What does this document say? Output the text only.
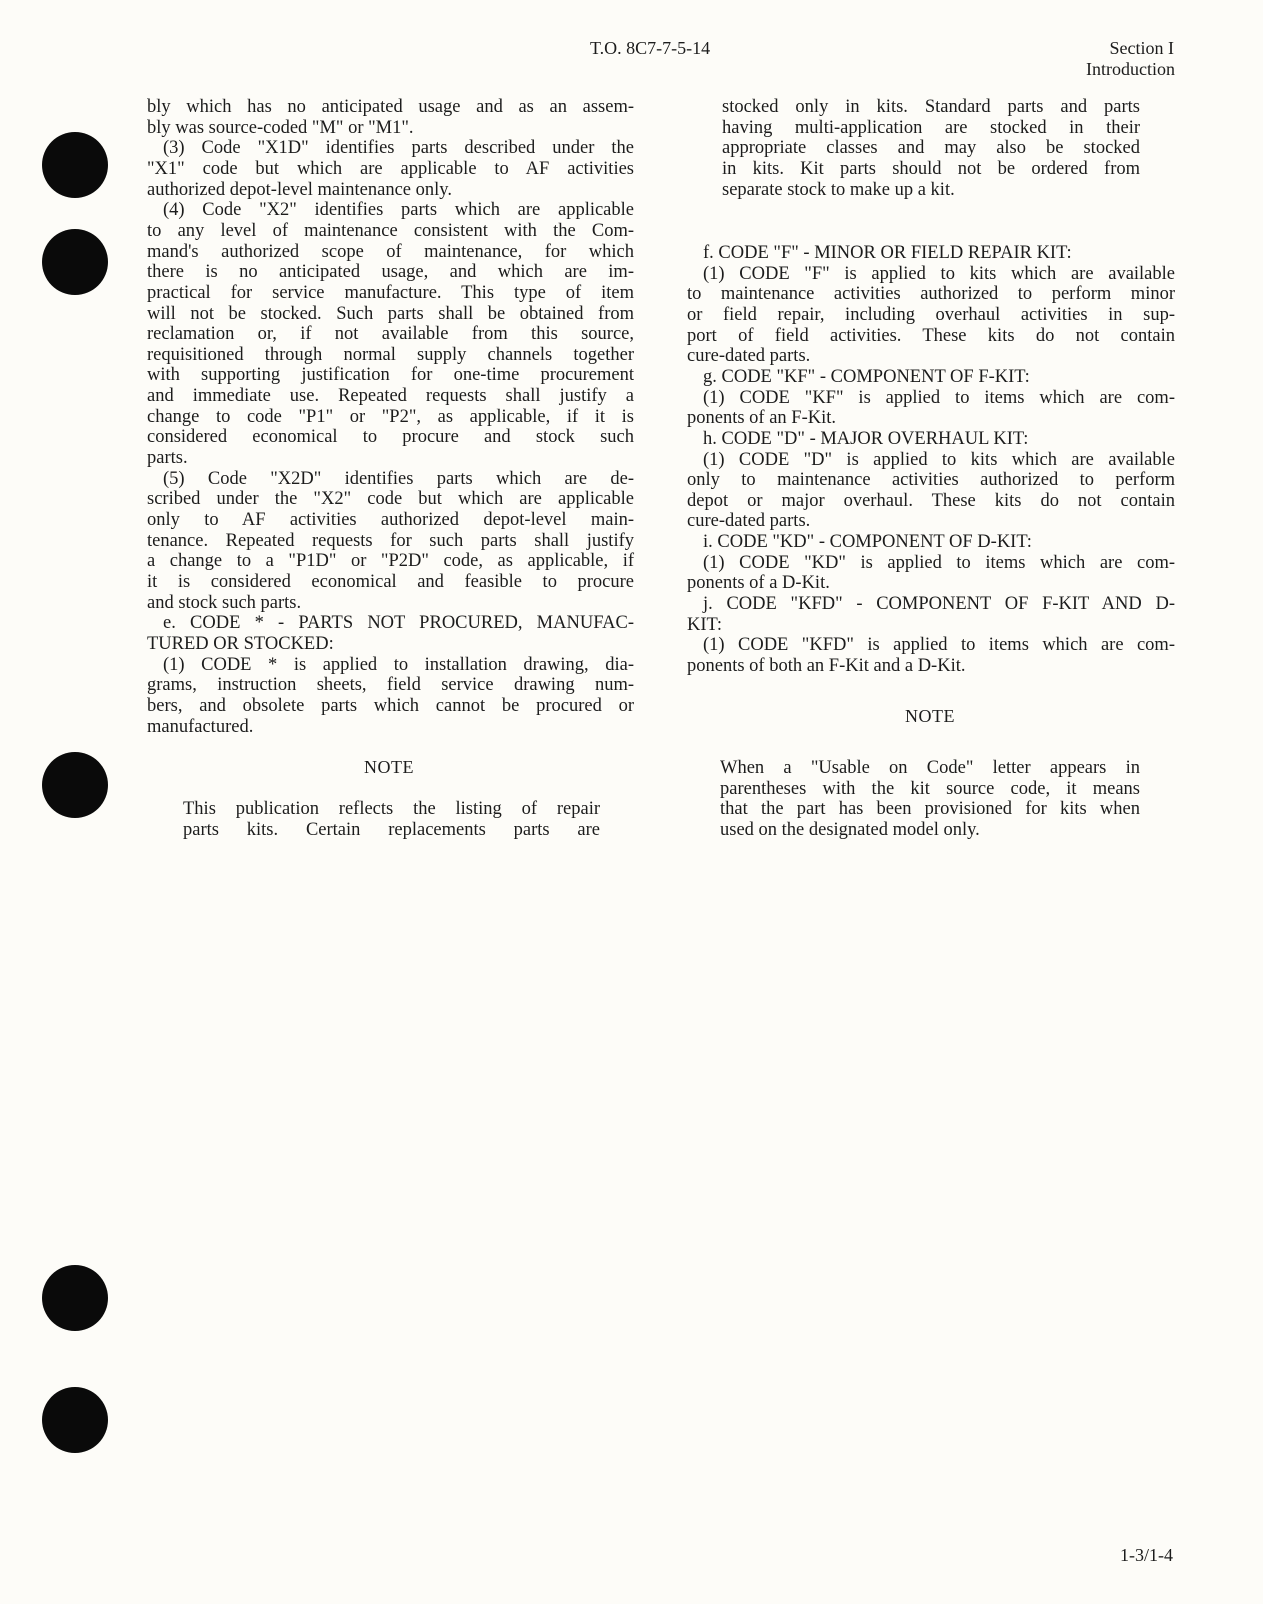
T.O. 8C7-7-5-14	Section I
Introduction
bly which has no anticipated usage and as an assem-
bly was source-coded "M" or "M1".
(3) Code "X1D" identifies parts described under the
"X1" code but which are applicable to AF activities
authorized depot-level maintenance only.
(4) Code "X2" identifies parts which are applicable
to any level of maintenance consistent with the Com-
mand's authorized scope of maintenance, for which
there is no anticipated usage, and which are im-
practical for service manufacture. This type of item
will not be stocked. Such parts shall be obtained from
reclamation or, if not available from this source,
requisitioned through normal supply channels together
with supporting justification for one-time procurement
and immediate use. Repeated requests shall justify a
change to code "P1" or "P2", as applicable, if it is
considered economical to procure and stock such
parts.
(5) Code "X2D" identifies parts which are de-
scribed under the "X2" code but which are applicable
only to AF activities authorized depot-level main-
tenance. Repeated requests for such parts shall justify
a change to a "P1D" or "P2D" code, as applicable, if
it is considered economical and feasible to procure
and stock such parts.
e. CODE * - PARTS NOT PROCURED, MANUFAC-
TURED OR STOCKED:
(1) CODE * is applied to installation drawing, dia-
grams, instruction sheets, field service drawing num-
bers, and obsolete parts which cannot be procured or
manufactured.
NOTE
This publication reflects the listing of repair
parts kits. Certain replacements parts are
stocked only in kits. Standard parts and parts
having multi-application are stocked in their
appropriate classes and may also be stocked
in kits. Kit parts should not be ordered from
separate stock to make up a kit.
f. CODE "F" - MINOR OR FIELD REPAIR KIT:
(1) CODE "F" is applied to kits which are available
to maintenance activities authorized to perform minor
or field repair, including overhaul activities in sup-
port of field activities. These kits do not contain
cure-dated parts.
g. CODE "KF" - COMPONENT OF F-KIT:
(1) CODE "KF" is applied to items which are com-
ponents of an F-Kit.
h. CODE "D" - MAJOR OVERHAUL KIT:
(1) CODE "D" is applied to kits which are available
only to maintenance activities authorized to perform
depot or major overhaul. These kits do not contain
cure-dated parts.
i. CODE "KD" - COMPONENT OF D-KIT:
(1) CODE "KD" is applied to items which are com-
ponents of a D-Kit.
j. CODE "KFD" - COMPONENT OF F-KIT AND D-
KIT:
(1) CODE "KFD" is applied to items which are com-
ponents of both an F-Kit and a D-Kit.
NOTE
When a "Usable on Code" letter appears in
parentheses with the kit source code, it means
that the part has been provisioned for kits when
used on the designated model only.
1-3/1-4
